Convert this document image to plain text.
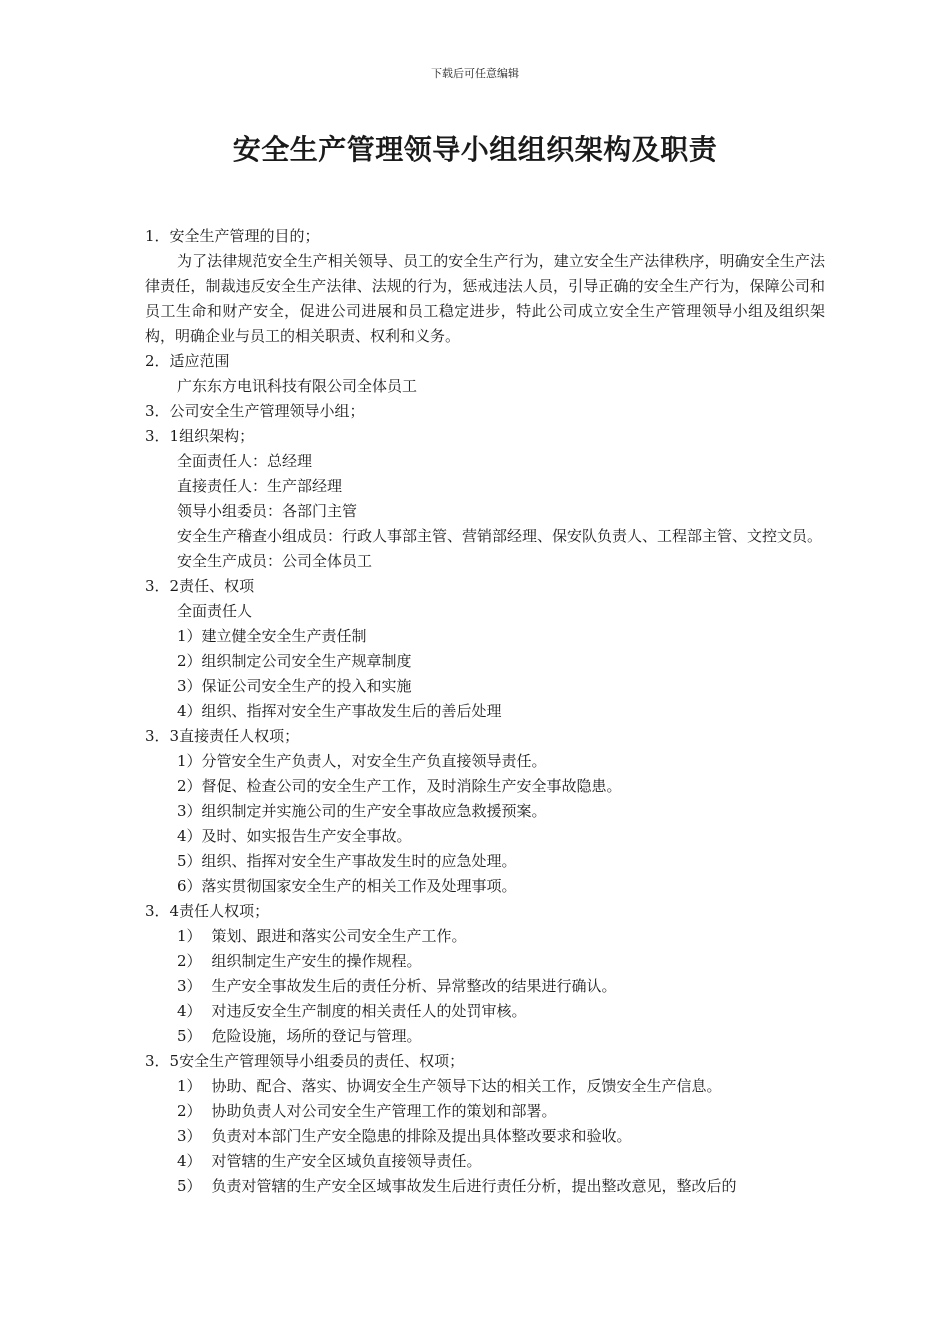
下载后可任意编辑
安全生产管理领导小组组织架构及职责
1．安全生产管理的目的；
为了法律规范安全生产相关领导、员工的安全生产行为，建立安全生产法律秩序，明确安全生产法律责任，制裁违反安全生产法律、法规的行为，惩戒违法人员，引导正确的安全生产行为，保障公司和员工生命和财产安全，促进公司进展和员工稳定进步，特此公司成立安全生产管理领导小组及组织架构，明确企业与员工的相关职责、权利和义务。
2．适应范围
广东东方电讯科技有限公司全体员工
3．公司安全生产管理领导小组；
3．1组织架构；
全面责任人：总经理
直接责任人：生产部经理
领导小组委员：各部门主管
安全生产稽查小组成员：行政人事部主管、营销部经理、保安队负责人、工程部主管、文控文员。
安全生产成员：公司全体员工
3．2责任、权项
全面责任人
1）建立健全安全生产责任制
2）组织制定公司安全生产规章制度
3）保证公司安全生产的投入和实施
4）组织、指挥对安全生产事故发生后的善后处理
3．3直接责任人权项；
1）分管安全生产负责人，对安全生产负直接领导责任。
2）督促、检查公司的安全生产工作，及时消除生产安全事故隐患。
3）组织制定并实施公司的生产安全事故应急救援预案。
4）及时、如实报告生产安全事故。
5）组织、指挥对安全生产事故发生时的应急处理。
6）落实贯彻国家安全生产的相关工作及处理事项。
3．4责任人权项；
1） 策划、跟进和落实公司安全生产工作。
2） 组织制定生产安生的操作规程。
3） 生产安全事故发生后的责任分析、异常整改的结果进行确认。
4） 对违反安全生产制度的相关责任人的处罚审核。
5） 危险设施，场所的登记与管理。
3．5安全生产管理领导小组委员的责任、权项；
1） 协助、配合、落实、协调安全生产领导下达的相关工作，反馈安全生产信息。
2） 协助负责人对公司安全生产管理工作的策划和部署。
3） 负责对本部门生产安全隐患的排除及提出具体整改要求和验收。
4） 对管辖的生产安全区域负直接领导责任。
5） 负责对管辖的生产安全区域事故发生后进行责任分析，提出整改意见，整改后的
